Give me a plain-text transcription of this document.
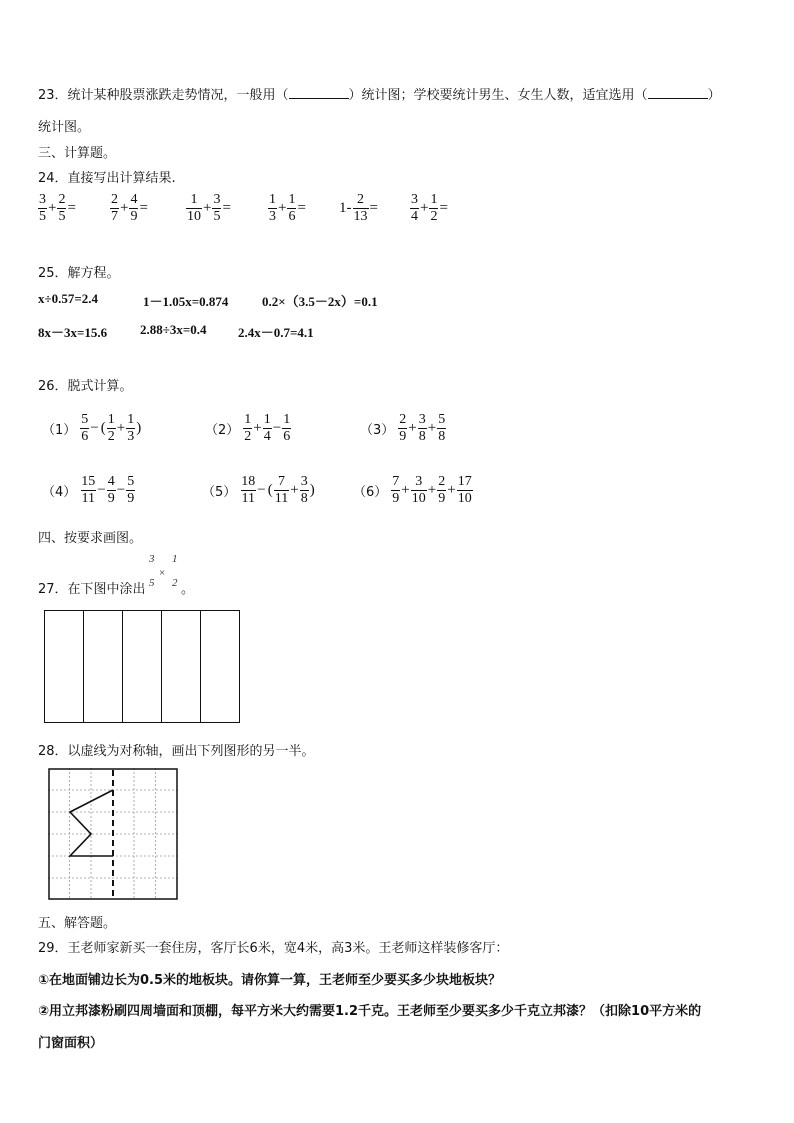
23．统计某种股票涨跌走势情况，一般用（	）统计图；学校要统计男生、女生人数，适宜选用（	）
统计图。
三、计算题。
24．直接写出计算结果.
$\frac{3}{5} + \frac{2}{5} = \frac{2}{7} + \frac{4}{9}$ =	$\frac{1}{10} + \frac{3}{5}$ =	$\frac{1}{3} + \frac{1}{6} = 1- \frac{2}{13} = \frac{3}{4} + \frac{1}{2}$ =
25．解方程。
x÷0.57=2.4	1－1.05x=0.874	0.2×（3.5－2x）=0.1
8x－3x=15.6	2.88÷3x=0.4 2.4x－0.7=4.1
26．脱式计算。
$(1) \frac{5}{6}$ − ( $\frac{1}{2} + \frac{1}{3}$ )	$(2) \frac{1}{2} + \frac{1}{4} - \frac{1}{6}$	$(3) \frac{2}{9} + \frac{3}{8} + \frac{5}{8}$
$(4) \frac{15}{11} - \frac{4}{9} - \frac{5}{9}$	$(5) \frac{18}{11}$ − ( $\frac{7}{11} + \frac{3}{8}$ )	$(6) \frac{7}{9} + \frac{3}{10} + \frac{2}{9} + \frac{17}{10}$
四、按要求画图。
27．在下图中涂出
3
5
×
1
2 。
28．以虚线为对称轴，画出下列图形的另一半。
五、解答题。
29．王老师家新买一套住房，客厅长6米，宽4米，高3米。王老师这样装修客厅：
①在地面铺边长为0.5米的地板块。请你算一算，王老师至少要买多少块地板块？
②用立邦漆粉刷四周墙面和顶棚，每平方米大约需要1.2千克。王老师至少要买多少千克立邦漆？（扣除10平方米的
门窗面积）
